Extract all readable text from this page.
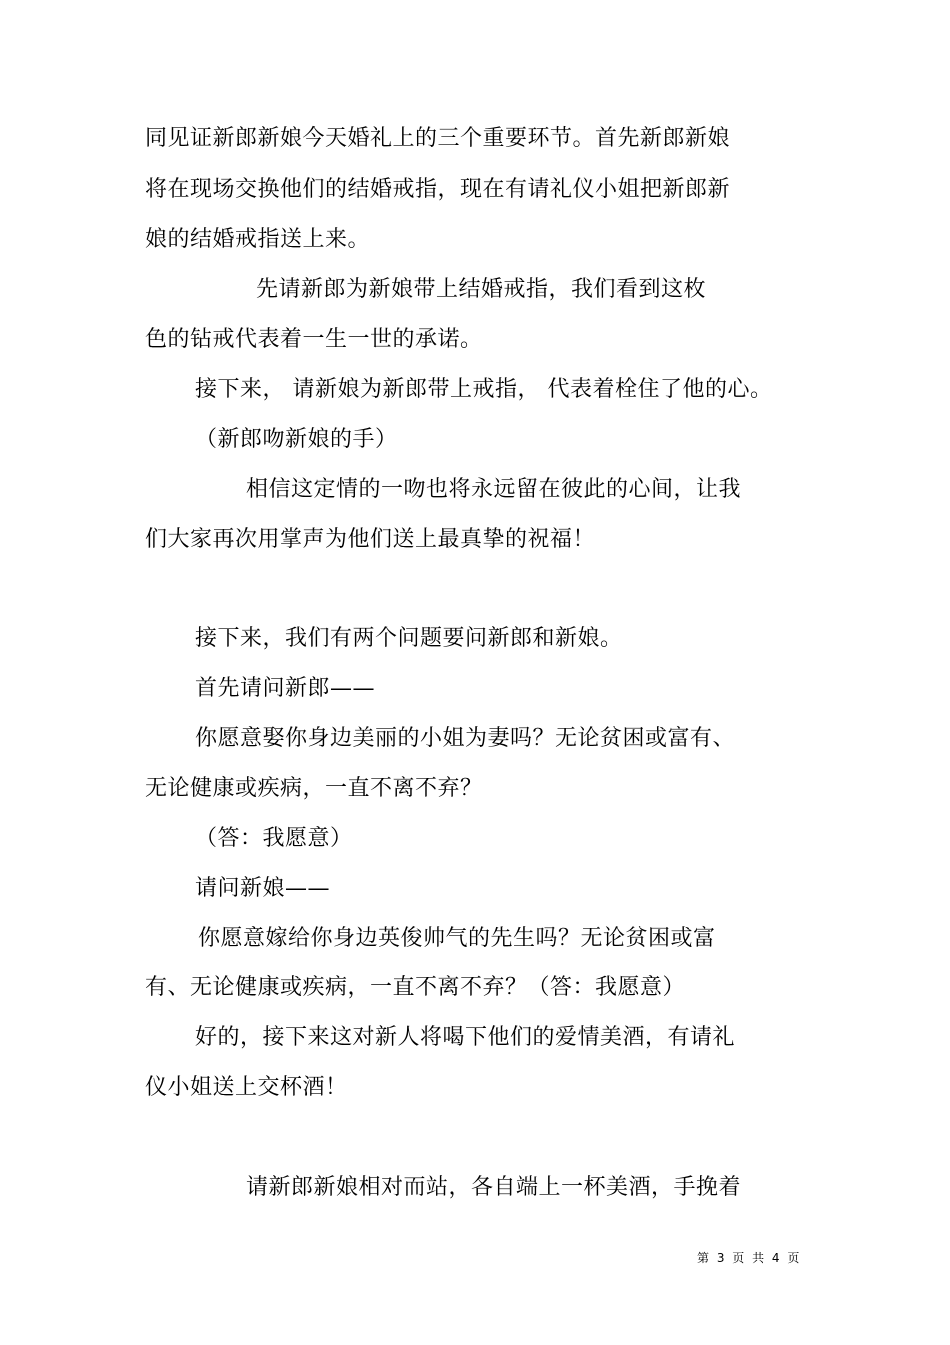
同见证新郎新娘今天婚礼上的三个重要环节。首先新郎新娘
将在现场交换他们的结婚戒指，现在有请礼仪小姐把新郎新
娘的结婚戒指送上来。
先请新郎为新娘带上结婚戒指，我们看到这枚
色的钻戒代表着一生一世的承诺。
接下来， 请新娘为新郎带上戒指， 代表着栓住了他的心。
（新郎吻新娘的手）
相信这定情的一吻也将永远留在彼此的心间，让我
们大家再次用掌声为他们送上最真挚的祝福！
接下来，我们有两个问题要问新郎和新娘。
首先请问新郎——
你愿意娶你身边美丽的小姐为妻吗？无论贫困或富有、
无论健康或疾病，一直不离不弃？
（答：我愿意）
请问新娘——
你愿意嫁给你身边英俊帅气的先生吗？无论贫困或富
有、无论健康或疾病，一直不离不弃？（答：我愿意）
好的，接下来这对新人将喝下他们的爱情美酒，有请礼
仪小姐送上交杯酒！
请新郎新娘相对而站，各自端上一杯美酒，手挽着
第 3 页 共 4 页
